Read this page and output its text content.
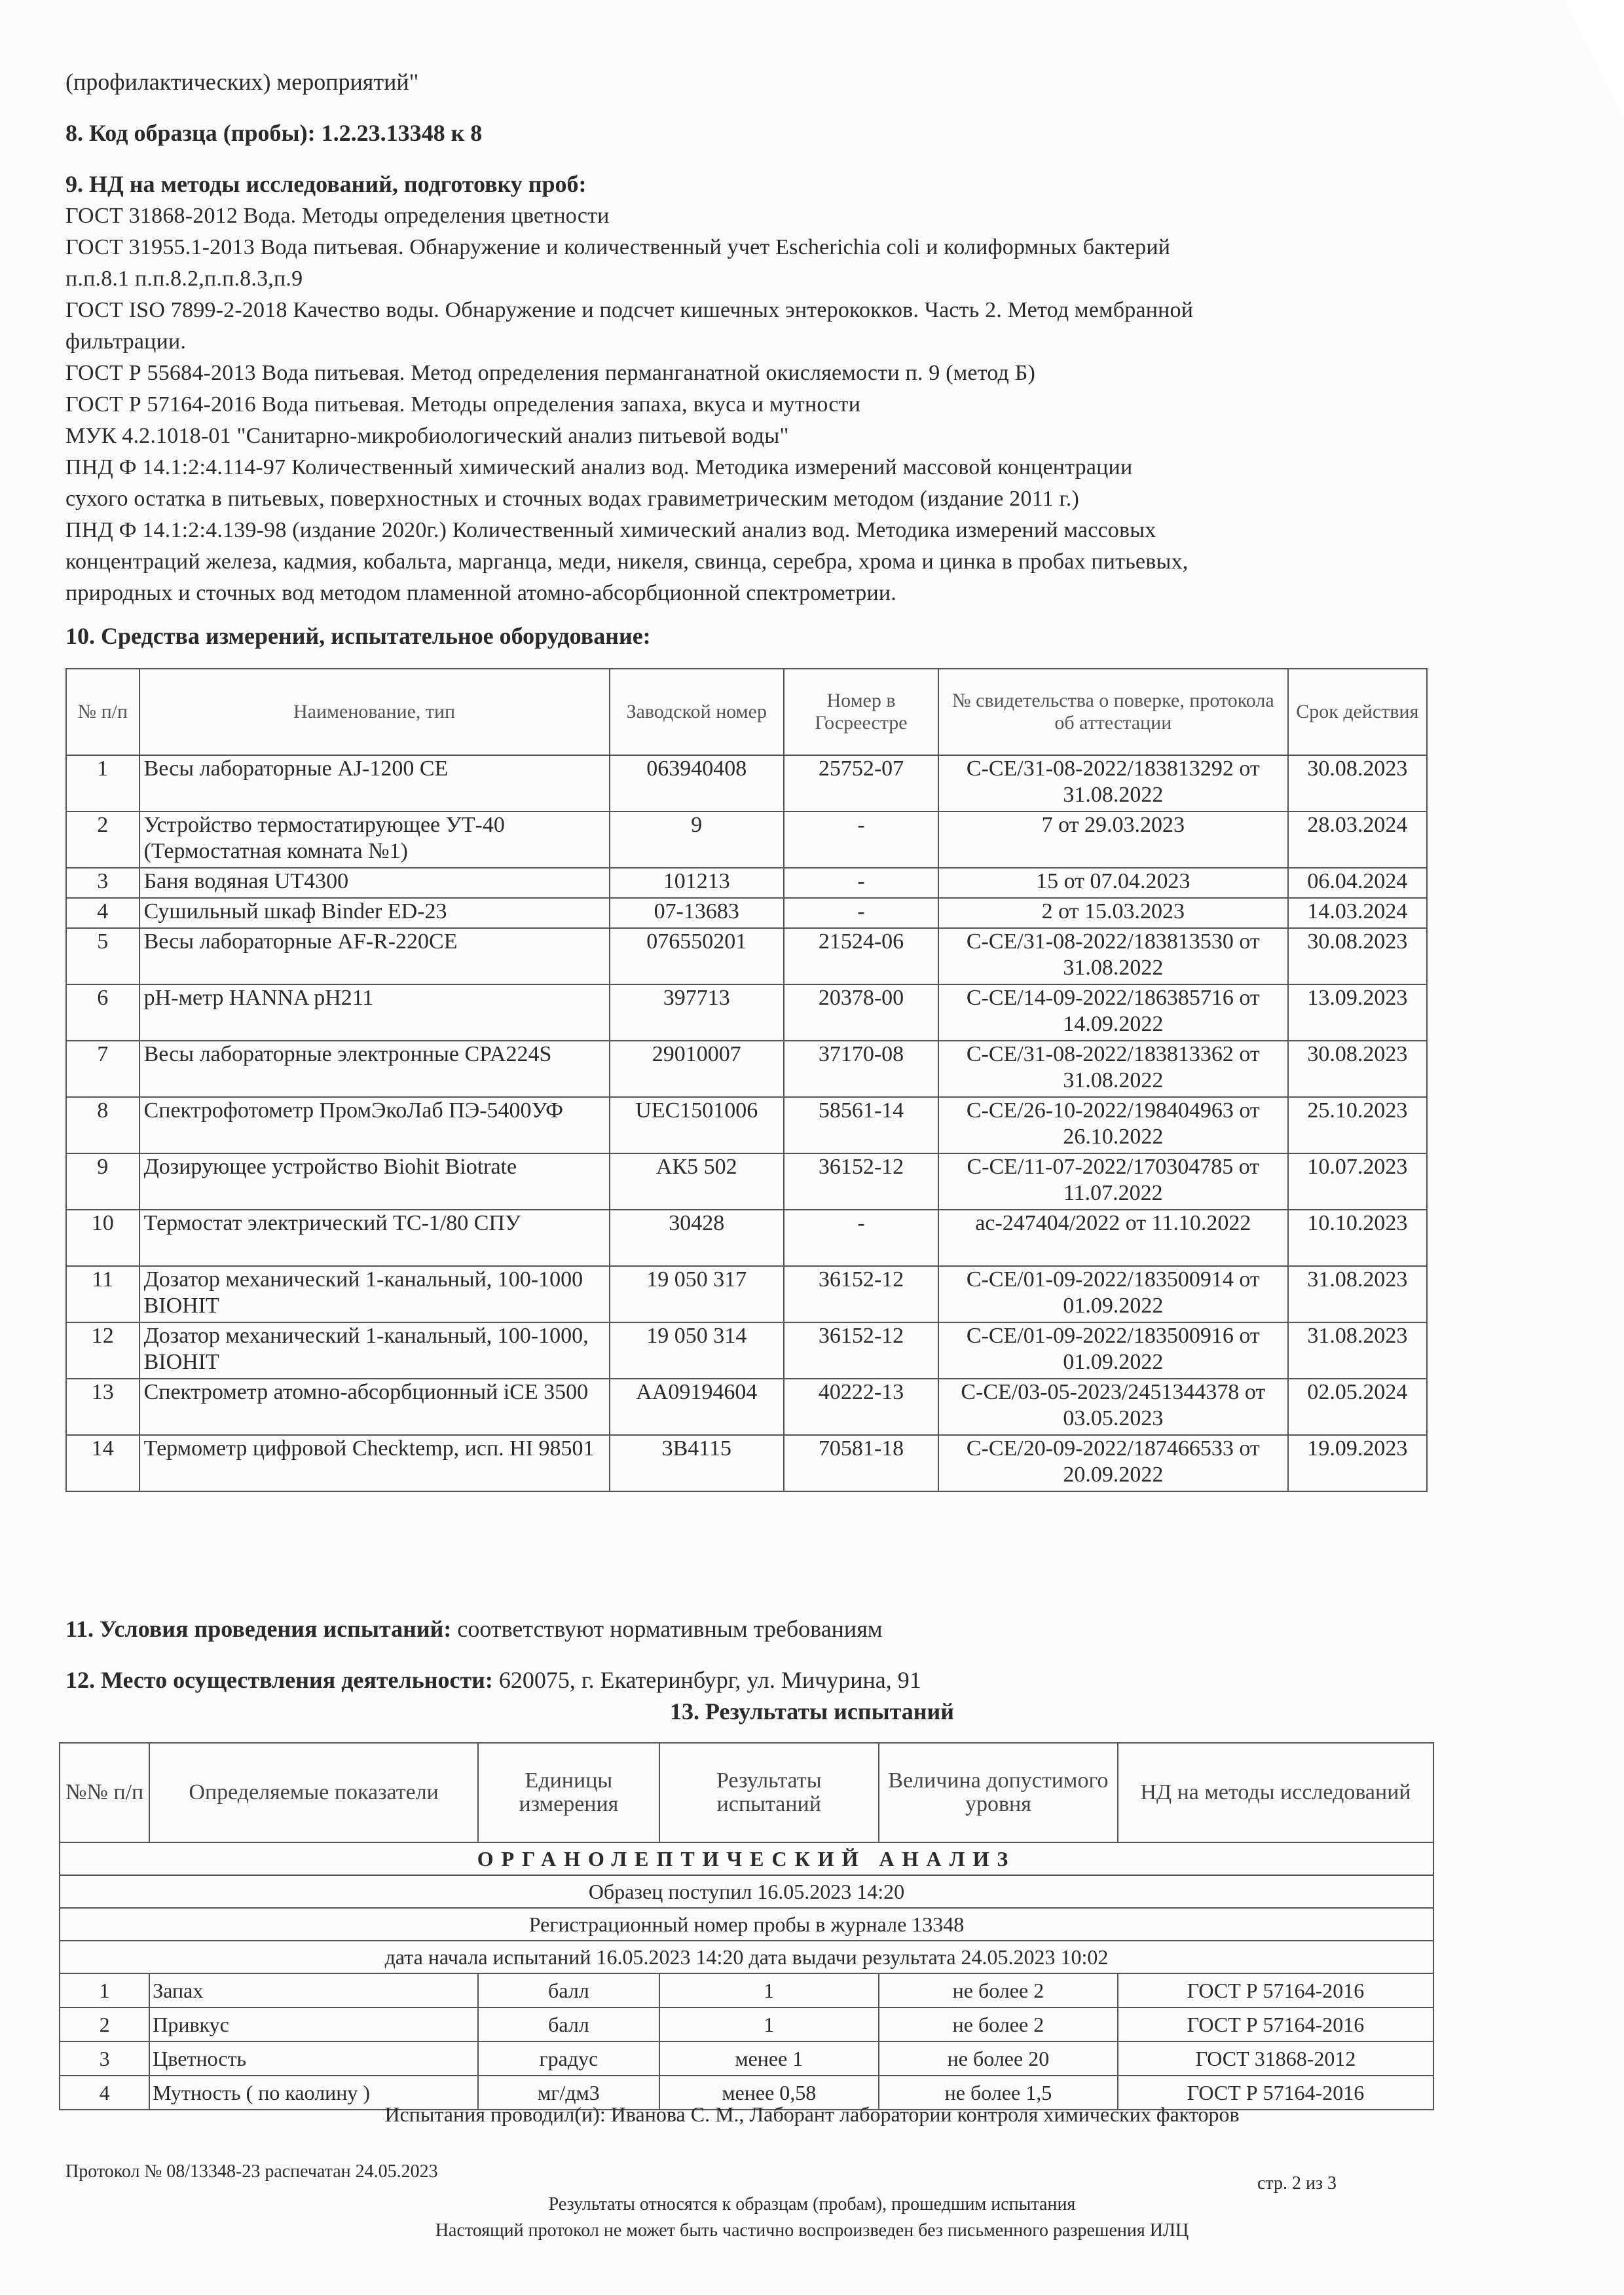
(профилактических) мероприятий"
8. Код образца (пробы): 1.2.23.13348 к 8
9. НД на методы исследований, подготовку проб:
ГОСТ 31868-2012 Вода. Методы определения цветности
ГОСТ 31955.1-2013 Вода питьевая. Обнаружение и количественный учет Escherichia coli и колиформных бактерий
п.п.8.1 п.п.8.2,п.п.8.3,п.9
ГОСТ ISO 7899-2-2018 Качество воды. Обнаружение и подсчет кишечных энтерококков. Часть 2. Метод мембранной
фильтрации.
ГОСТ Р 55684-2013 Вода питьевая. Метод определения перманганатной окисляемости п. 9 (метод Б)
ГОСТ Р 57164-2016 Вода питьевая. Методы определения запаха, вкуса и мутности
МУК 4.2.1018-01 "Санитарно-микробиологический анализ питьевой воды"
ПНД Ф 14.1:2:4.114-97 Количественный химический анализ вод. Методика измерений массовой концентрации
сухого остатка в питьевых, поверхностных и сточных водах гравиметрическим методом (издание 2011 г.)
ПНД Ф 14.1:2:4.139-98 (издание 2020г.) Количественный химический анализ вод. Методика измерений массовых
концентраций железа, кадмия, кобальта, марганца, меди, никеля, свинца, серебра, хрома и цинка в пробах питьевых,
природных и сточных вод методом пламенной атомно-абсорбционной спектрометрии.
10. Средства измерений, испытательное оборудование:
№ п/п	Наименование, тип	Заводской номер	Номер в Госреестре	№ свидетельства о поверке, протокола об аттестации	Срок действия
1	Весы лабораторные AJ-1200 CE	063940408	25752-07	С-СЕ/31-08-2022/183813292 от 31.08.2022	30.08.2023
2	Устройство термостатирующее УТ-40 (Термостатная комната №1)	9	-	7 от 29.03.2023	28.03.2024
3	Баня водяная UT4300	101213	-	15 от 07.04.2023	06.04.2024
4	Сушильный шкаф Binder ED-23	07-13683	-	2 от 15.03.2023	14.03.2024
5	Весы лабораторные AF-R-220CE	076550201	21524-06	С-СЕ/31-08-2022/183813530 от 31.08.2022	30.08.2023
6	pH-метр HANNA pH211	397713	20378-00	С-СЕ/14-09-2022/186385716 от 14.09.2022	13.09.2023
7	Весы лабораторные электронные CPA224S	29010007	37170-08	С-СЕ/31-08-2022/183813362 от 31.08.2022	30.08.2023
8	Спектрофотометр ПромЭкоЛаб ПЭ-5400УФ	UEC1501006	58561-14	С-СЕ/26-10-2022/198404963 от 26.10.2022	25.10.2023
9	Дозирующее устройство Biohit Biotrate	АК5 502	36152-12	С-СЕ/11-07-2022/170304785 от 11.07.2022	10.07.2023
10	Термостат электрический ТС-1/80 СПУ	30428	-	ас-247404/2022 от 11.10.2022	10.10.2023
11	Дозатор механический 1-канальный, 100-1000 BIOHIT	19 050 317	36152-12	С-СЕ/01-09-2022/183500914 от 01.09.2022	31.08.2023
12	Дозатор механический 1-канальный, 100-1000, BIOHIT	19 050 314	36152-12	С-СЕ/01-09-2022/183500916 от 01.09.2022	31.08.2023
13	Спектрометр атомно-абсорбционный iCE 3500	АА09194604	40222-13	С-СЕ/03-05-2023/2451344378 от 03.05.2023	02.05.2024
14	Термометр цифровой Checktemp, исп. HI 98501	3В4115	70581-18	С-СЕ/20-09-2022/187466533 от 20.09.2022	19.09.2023
11. Условия проведения испытаний: соответствуют нормативным требованиям
12. Место осуществления деятельности: 620075, г. Екатеринбург, ул. Мичурина, 91
13. Результаты испытаний
№№ п/п	Определяемые показатели	Единицы измерения	Результаты испытаний	Величина допустимого уровня	НД на методы исследований
ОРГАНОЛЕПТИЧЕСКИЙ АНАЛИЗ					
Образец поступил 16.05.2023 14:20					
Регистрационный номер пробы в журнале 13348					
дата начала испытаний 16.05.2023 14:20 дата выдачи результата 24.05.2023 10:02					
1	Запах	балл	1	не более 2	ГОСТ Р 57164-2016
2	Привкус	балл	1	не более 2	ГОСТ Р 57164-2016
3	Цветность	градус	менее 1	не более 20	ГОСТ 31868-2012
4	Мутность ( по каолину )	мг/дм3	менее 0,58	не более 1,5	ГОСТ Р 57164-2016
Испытания проводил(и): Иванова С. М., Лаборант лаборатории контроля химических факторов
Протокол № 08/13348-23 распечатан 24.05.2023
стр. 2 из 3
Результаты относятся к образцам (пробам), прошедшим испытания
Настоящий протокол не может быть частично воспроизведен без письменного разрешения ИЛЦ
